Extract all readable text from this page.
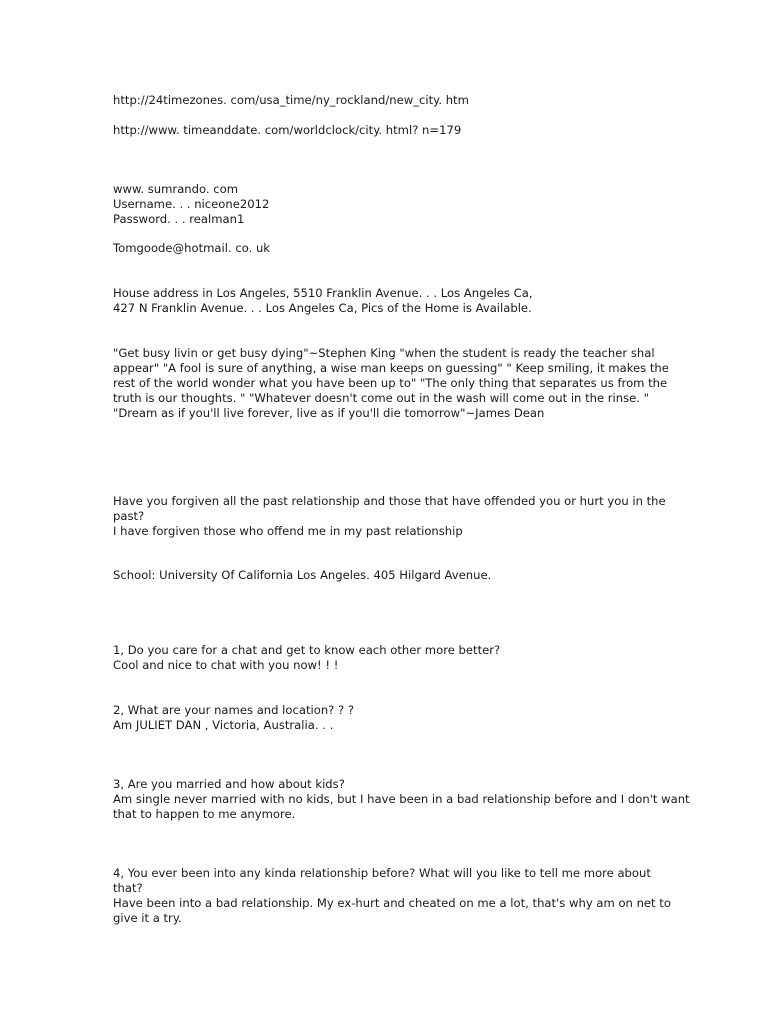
http://24timezones. com/usa_time/ny_rockland/new_city. htm
http://www. timeanddate. com/worldclock/city. html? n=179
www. sumrando. com
Username. . . niceone2012
Password. . . realman1
Tomgoode@hotmail. co. uk
House address in Los Angeles, 5510 Franklin Avenue. . . Los Angeles Ca,
427 N Franklin Avenue. . . Los Angeles Ca, Pics of the Home is Available.
"Get busy livin or get busy dying"~Stephen King "when the student is ready the teacher shal
appear" "A fool is sure of anything, a wise man keeps on guessing" " Keep smiling, it makes the
rest of the world wonder what you have been up to" "The only thing that separates us from the
truth is our thoughts. " "Whatever doesn't come out in the wash will come out in the rinse. "
"Dream as if you'll live forever, live as if you'll die tomorrow"~James Dean
Have you forgiven all the past relationship and those that have offended you or hurt you in the
past?
I have forgiven those who offend me in my past relationship
School: University Of California Los Angeles. 405 Hilgard Avenue.
1, Do you care for a chat and get to know each other more better?
Cool and nice to chat with you now! ! !
2, What are your names and location? ? ?
Am JULIET DAN , Victoria, Australia. . .
3, Are you married and how about kids?
Am single never married with no kids, but I have been in a bad relationship before and I don't want
that to happen to me anymore.
4, You ever been into any kinda relationship before? What will you like to tell me more about
that?
Have been into a bad relationship. My ex-hurt and cheated on me a lot, that's why am on net to
give it a try.
